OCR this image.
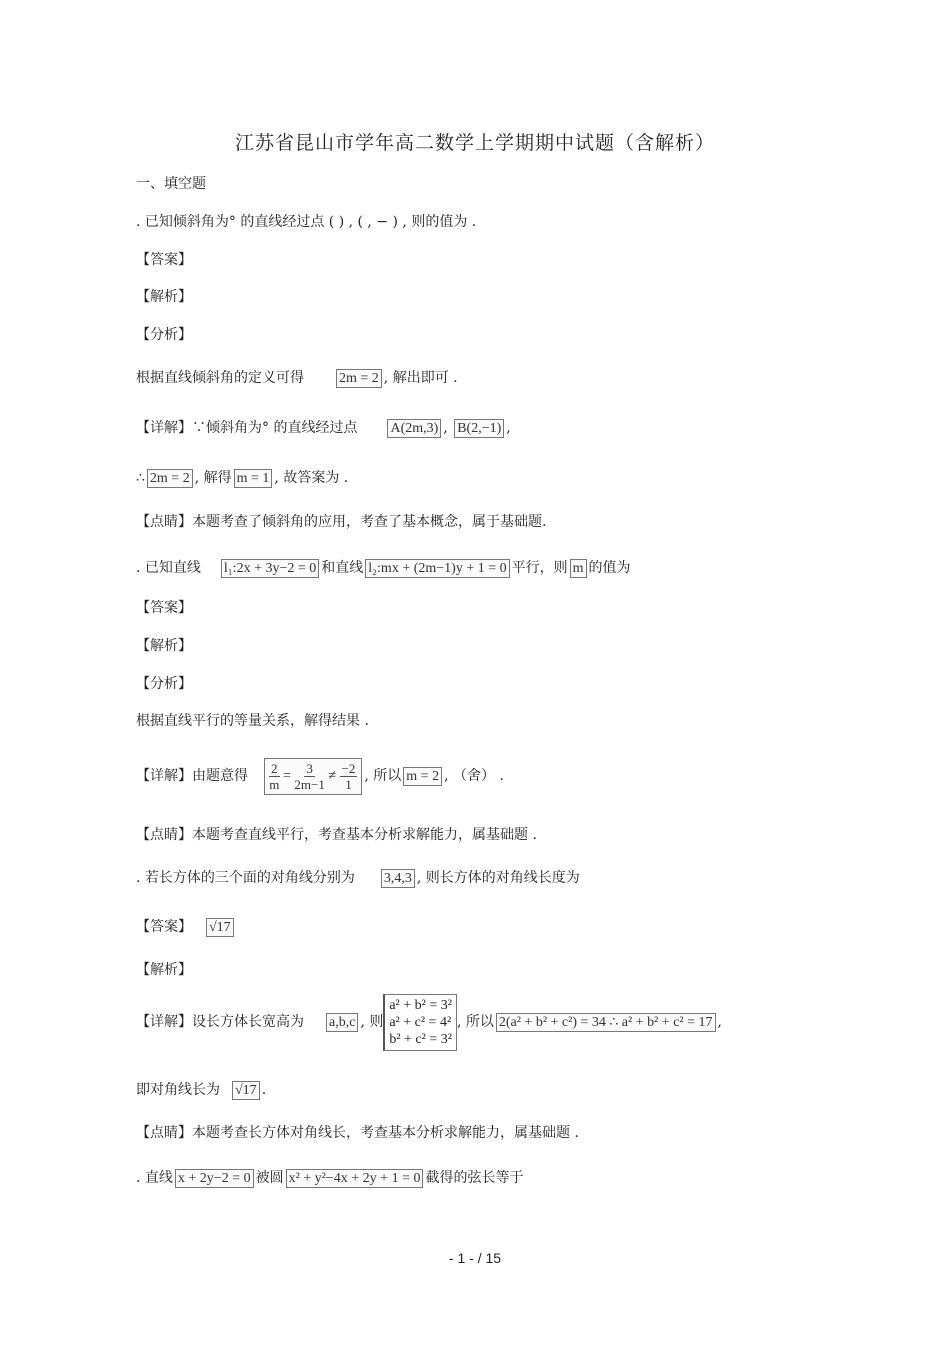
江苏省昆山市学年高二数学上学期期中试题（含解析）
一、填空题
. 已知倾斜角为° 的直线经过点 ( ) , ( , − ) , 则的值为 .
【答案】
【解析】
【分析】
根据直线倾斜角的定义可得	2m = 2 , 解出即可 .
【详解】∵倾斜角为° 的直线经过点 A(2m,3) , B(2,−1) ,
∴ 2m = 2 , 解得 m = 1 , 故答案为 .
【点睛】本题考查了倾斜角的应用，考查了基本概念，属于基础题.
. 已知直线 l₁:2x + 3y−2 = 0 和直线 l₂:mx + (2m−1)y + 1 = 0 平行，则 m 的值为
【答案】
【解析】
【分析】
根据直线平行的等量关系，解得结果 .
【详解】由题意得 $\frac{2}{m} = \frac{3}{2m-1} \ne \frac{-2}{1}$ , 所以 m = 2 , （舍） .
【点睛】本题考查直线平行，考查基本分析求解能力，属基础题 .
. 若长方体的三个面的对角线分别为 3,4,3 , 则长方体的对角线长度为
【答案】 √17
【解析】
【详解】设长方体长宽高为 a,b,c , 则
a² + b² = 3²
a² + c² = 4²
b² + c² = 3²
, 所以 2(a² + b² + c²) = 34 ∴ a² + b² + c² = 17 ,
即对角线长为 √17 .
【点睛】本题考查长方体对角线长，考查基本分析求解能力，属基础题 .
. 直线 x + 2y−2 = 0 被圆 x² + y²−4x + 2y + 1 = 0 截得的弦长等于
- 1 - / 15
